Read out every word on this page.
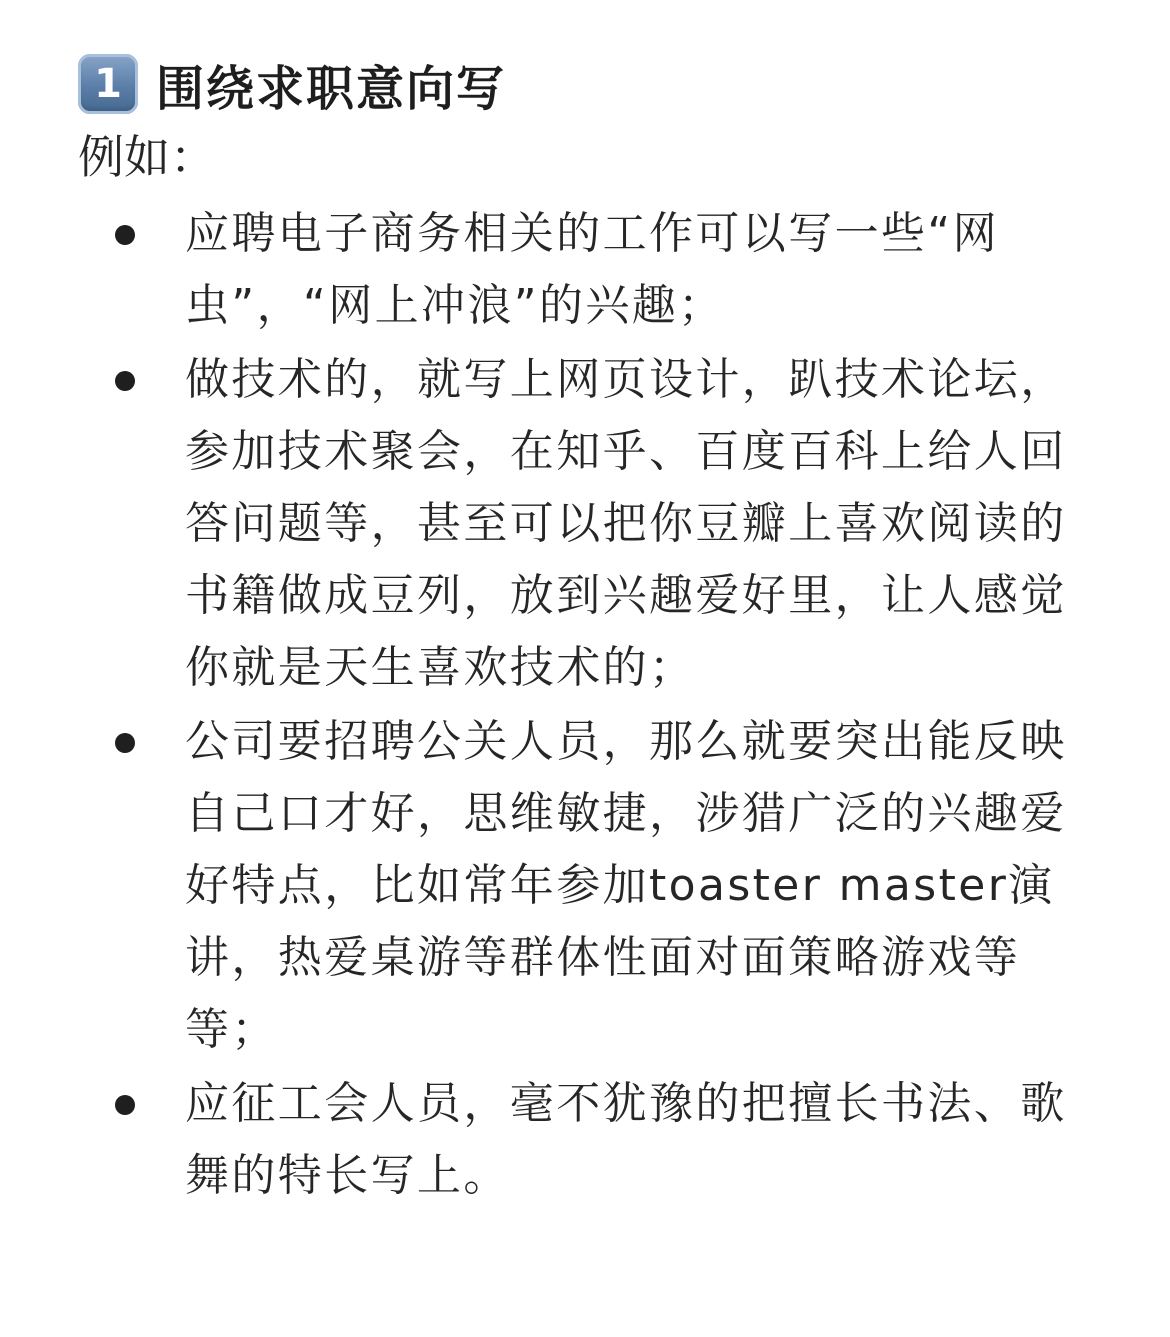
1 围绕求职意向写
例如：
应聘电子商务相关的工作可以写一些“网虫”，“网上冲浪”的兴趣；
做技术的，就写上网页设计，趴技术论坛，参加技术聚会，在知乎、百度百科上给人回答问题等，甚至可以把你豆瓣上喜欢阅读的书籍做成豆列，放到兴趣爱好里，让人感觉你就是天生喜欢技术的；
公司要招聘公关人员，那么就要突出能反映自己口才好，思维敏捷，涉猎广泛的兴趣爱好特点，比如常年参加toaster master演讲，热爱桌游等群体性面对面策略游戏等等；
应征工会人员，毫不犹豫的把擅长书法、歌舞的特长写上。
